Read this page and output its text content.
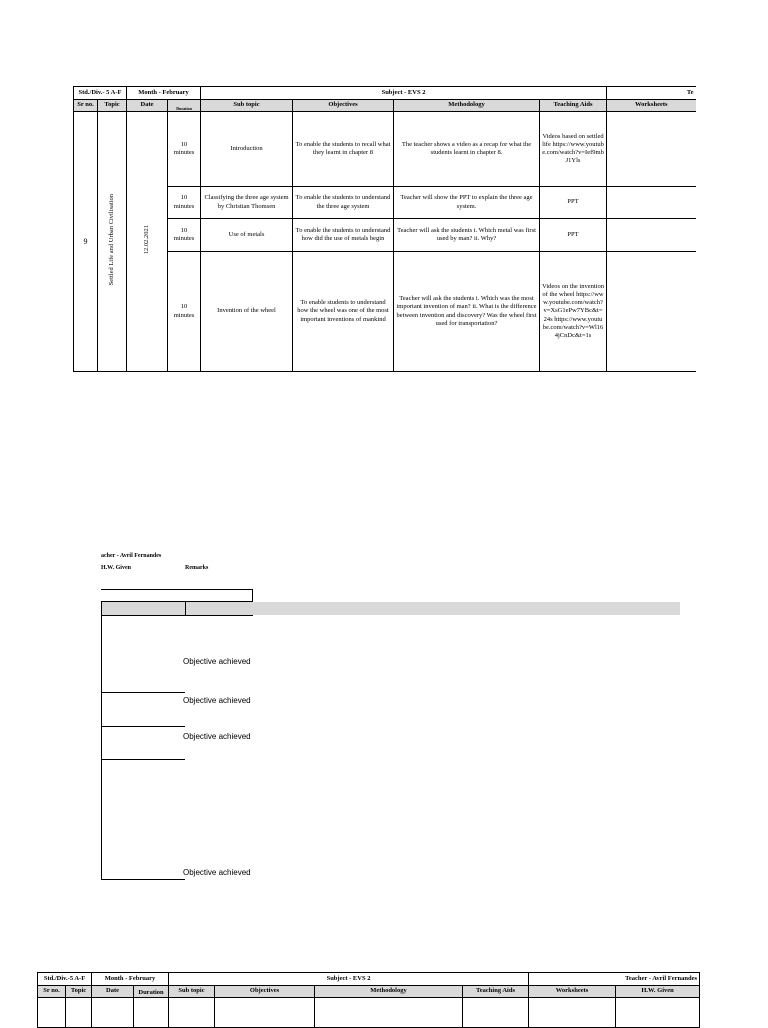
Std./Div.- 5 A-F		Month - February		Subject - EVS 2				Te
Sr no.	Topic	Date	Duration	Sub topic	Objectives	Methodology	Teaching Aids	Worksheets
9	Settled Life and Urban Civilisation	12.02.2021	10 minutes	Introduction	To enable the students to recall what they learnt in chapter 8	The teacher shows a video as a recap for what the students learnt in chapter 8.	Videos based on settled life https://www.youtube.com/watch?v=Ief9mbJ1Yls	
			10 minutes	Classifying the three age system by Christian Thomsen	To enable the students to understand the three age system	Teacher will show the PPT to explain the three age system.	PPT	
			10 minutes	Use of metals	To enable the students to understand how did the use of metals begin	Teacher will ask the students i. Which metal was first used by man? ii. Why?	PPT	
			10 minutes	Invention of the wheel	To enable students to understand how the wheel was one of the most important inventions of mankind	Teacher will ask the students i. Which was the most important invention of man? ii. What is the difference between invention and discovery? Was the wheel first used for transportation?	Videos on the invention of the wheel https://www.youtube.com/watch?v=XsG1ePw7YBc&t=24s https://www.youtube.com/watch?v=Wl164jCnDc&t=1s	
acher - Avril Fernandes
H.W. Given	Remarks
Objective achieved
Objective achieved
Objective achieved
Objective achieved
Std./Div.-5 A-F		Month - February		Subject - EVS 2				Teacher - Avril Fernandes	
Sr no.	Topic	Date	Duration	Sub topic	Objectives	Methodology	Teaching Aids	Worksheets	H.W. Given
